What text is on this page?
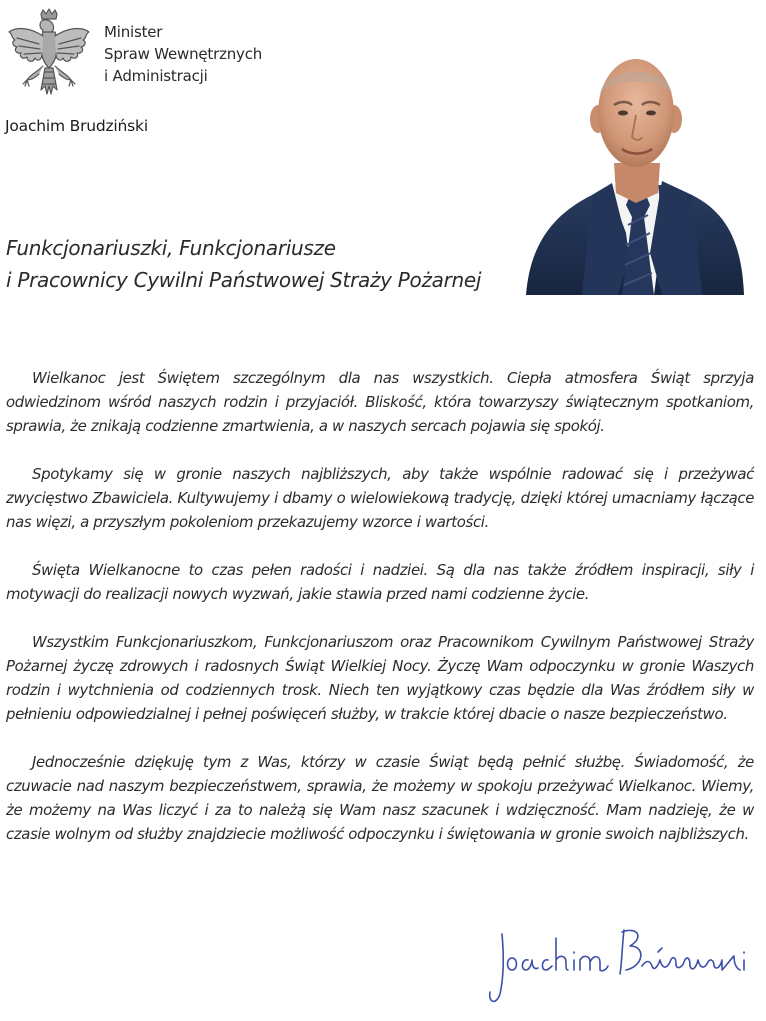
Minister
Spraw Wewnętrznych
i Administracji
Joachim Brudziński
Funkcjonariuszki, Funkcjonariusze
i Pracownicy Cywilni Państwowej Straży Pożarnej

Wielkanoc jest Świętem szczególnym dla nas wszystkich. Ciepła atmosfera Świąt sprzyja odwiedzinom wśród naszych rodzin i przyjaciół. Bliskość, która towarzyszy świątecznym spotkaniom, sprawia, że znikają codzienne zmartwienia, a w naszych sercach pojawia się spokój.

Spotykamy się w gronie naszych najbliższych, aby także wspólnie radować się i przeżywać zwycięstwo Zbawiciela. Kultywujemy i dbamy o wielowiekową tradycję, dzięki której umacniamy łączące nas więzi, a przyszłym pokoleniom przekazujemy wzorce i wartości.

Święta Wielkanocne to czas pełen radości i nadziei. Są dla nas także źródłem inspiracji, siły i motywacji do realizacji nowych wyzwań, jakie stawia przed nami codzienne życie.

Wszystkim Funkcjonariuszkom, Funkcjonariuszom oraz Pracownikom Cywilnym Państwowej Straży Pożarnej życzę zdrowych i radosnych Świąt Wielkiej Nocy. Życzę Wam odpoczynku w gronie Waszych rodzin i wytchnienia od codziennych trosk. Niech ten wyjątkowy czas będzie dla Was źródłem siły w pełnieniu odpowiedzialnej i pełnej poświęceń służby, w trakcie której dbacie o nasze bezpieczeństwo.

Jednocześnie dziękuję tym z Was, którzy w czasie Świąt będą pełnić służbę. Świadomość, że czuwacie nad naszym bezpieczeństwem, sprawia, że możemy w spokoju przeżywać Wielkanoc. Wiemy, że możemy na Was liczyć i za to należą się Wam nasz szacunek i wdzięczność. Mam nadzieję, że w czasie wolnym od służby znajdziecie możliwość odpoczynku i świętowania w gronie swoich najbliższych.
